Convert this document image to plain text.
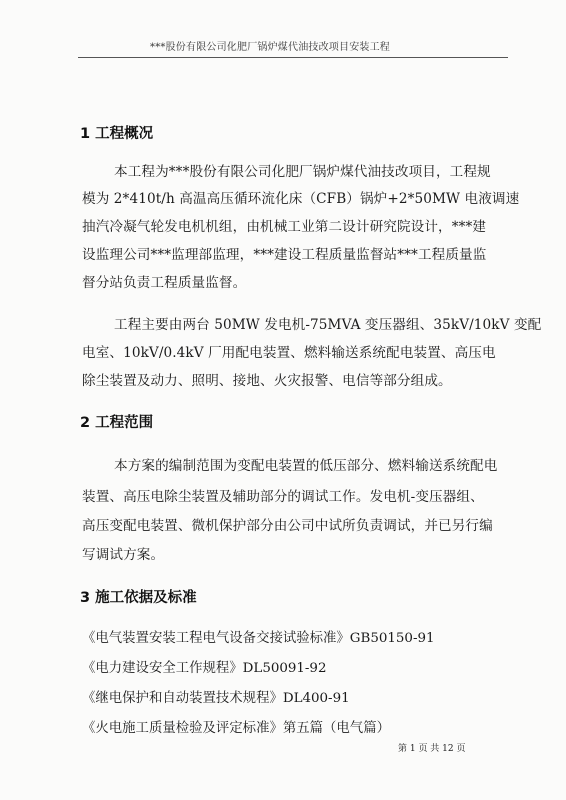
***股份有限公司化肥厂锅炉煤代油技改项目安装工程
1 工程概况
本工程为***股份有限公司化肥厂锅炉煤代油技改项目，工程规
模为 2*410t/h 高温高压循环流化床（CFB）锅炉+2*50MW 电液调速
抽汽冷凝气轮发电机机组，由机械工业第二设计研究院设计，***建
设监理公司***监理部监理，***建设工程质量监督站***工程质量监
督分站负责工程质量监督。
工程主要由两台 50MW 发电机-75MVA 变压器组、35kV/10kV 变配
电室、10kV/0.4kV 厂用配电装置、燃料输送系统配电装置、高压电
除尘装置及动力、照明、接地、火灾报警、电信等部分组成。
2 工程范围
本方案的编制范围为变配电装置的低压部分、燃料输送系统配电
装置、高压电除尘装置及辅助部分的调试工作。发电机-变压器组、
高压变配电装置、微机保护部分由公司中试所负责调试，并已另行编
写调试方案。
3 施工依据及标准
《电气装置安装工程电气设备交接试验标准》GB50150-91
《电力建设安全工作规程》DL50091-92
《继电保护和自动装置技术规程》DL400-91
《火电施工质量检验及评定标准》第五篇（电气篇）
第 1 页 共 12 页
